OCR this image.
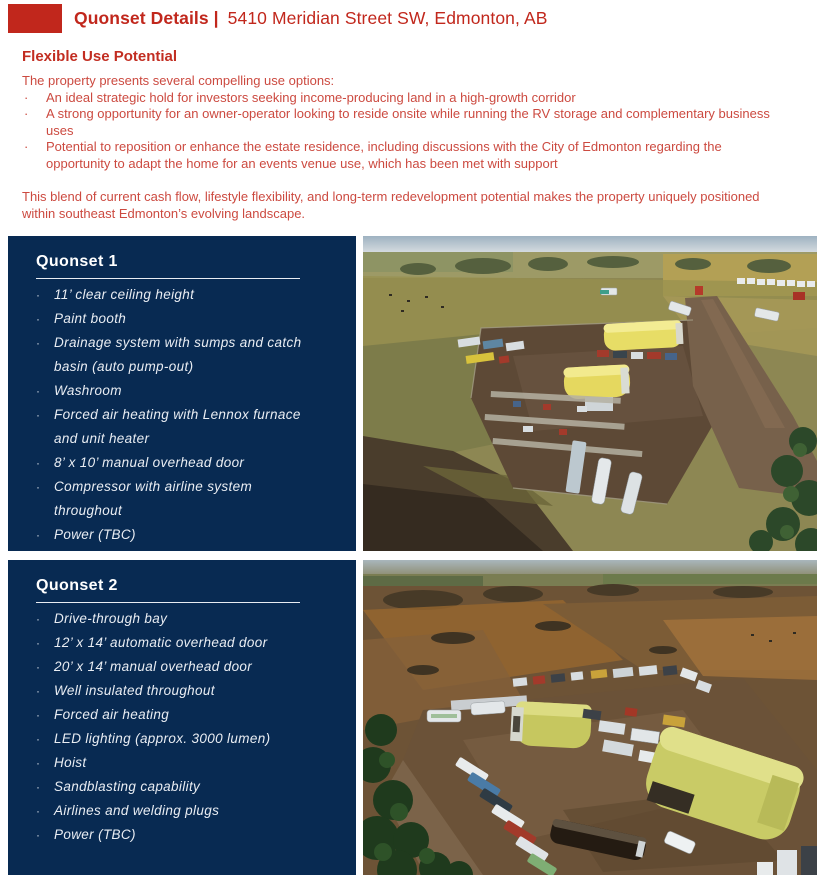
Quonset Details | 5410 Meridian Street SW, Edmonton, AB
Flexible Use Potential

The property presents several compelling use options:

·	An ideal strategic hold for investors seeking income-producing land in a high-growth corridor
·	A strong opportunity for an owner-operator looking to reside onsite while running the RV storage and complementary business uses
·	Potential to reposition or enhance the estate residence, including discussions with the City of Edmonton regarding the opportunity to adapt the home for an events venue use, which has been met with support

This blend of current cash flow, lifestyle flexibility, and long-term redevelopment potential makes the property uniquely positioned within southeast Edmonton’s evolving landscape.

Quonset 1
·	11’ clear ceiling height
·	Paint booth
·	Drainage system with sumps and catch basin (auto pump-out)
·	Washroom
·	Forced air heating with Lennox furnace and unit heater
·	8’ x 10’ manual overhead door
·	Compressor with airline system throughout
·	Power (TBC)
Quonset 2
·	Drive-through bay
·	12’ x 14’ automatic overhead door
·	20’ x 14’ manual overhead door
·	Well insulated throughout
·	Forced air heating
·	LED lighting (approx. 3000 lumen)
·	Hoist
·	Sandblasting capability
·	Airlines and welding plugs
·	Power (TBC)
